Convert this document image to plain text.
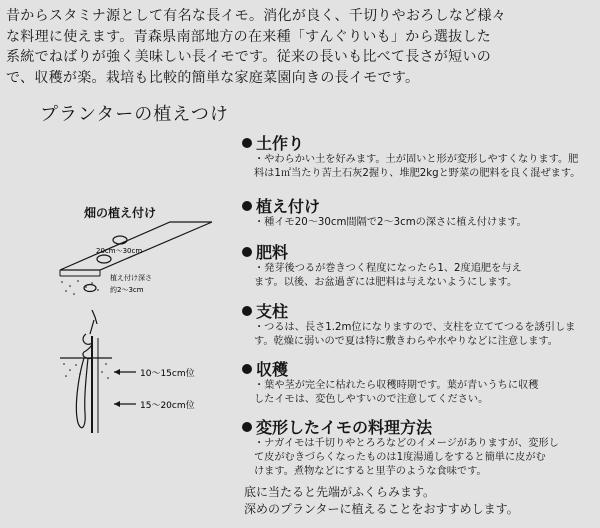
昔からスタミナ源として有名な長イモ。消化が良く、千切りやおろしなど様々
な料理に使えます。青森県南部地方の在来種「すんぐりいも」から選抜した
系統でねばりが強く美味しい長イモです。従来の長いも比べて長さが短いの
で、収穫が楽。栽培も比較的簡単な家庭菜園向きの長イモです。
プランターの植えつけ
畑の植え付け
20cm〜30cm
植え付け深さ
約2〜3cm
10〜15cm位
15〜20cm位
土作り
・やわらかい土を好みます。土が固いと形が変形しやすくなります。肥
料は1㎡当たり苦土石灰2握り、堆肥2kgと野菜の肥料を良く混ぜます。
植え付け
・種イモ20〜30cm間隔で2〜3cmの深さに植え付けます。
肥料
・発芽後つるが巻きつく程度になったら1、2度追肥を与え
ます。以後、お盆過ぎには肥料は与えないようにします。
支柱
・つるは、長さ1.2m位になりますので、支柱を立ててつるを誘引しま
す。乾燥に弱いので夏は特に敷きわらや水やりなどに注意します。
収穫
・葉や茎が完全に枯れたら収穫時期です。葉が青いうちに収穫
したイモは、変色しやすいので注意してください。
変形したイモの料理方法
・ナガイモは千切りやとろろなどのイメージがありますが、変形し
て皮がむきづらくなったものは1度湯通しをすると簡単に皮がむ
けます。煮物などにすると里芋のような食味です。
底に当たると先端がふくらみます。
深めのプランターに植えることをおすすめします。
